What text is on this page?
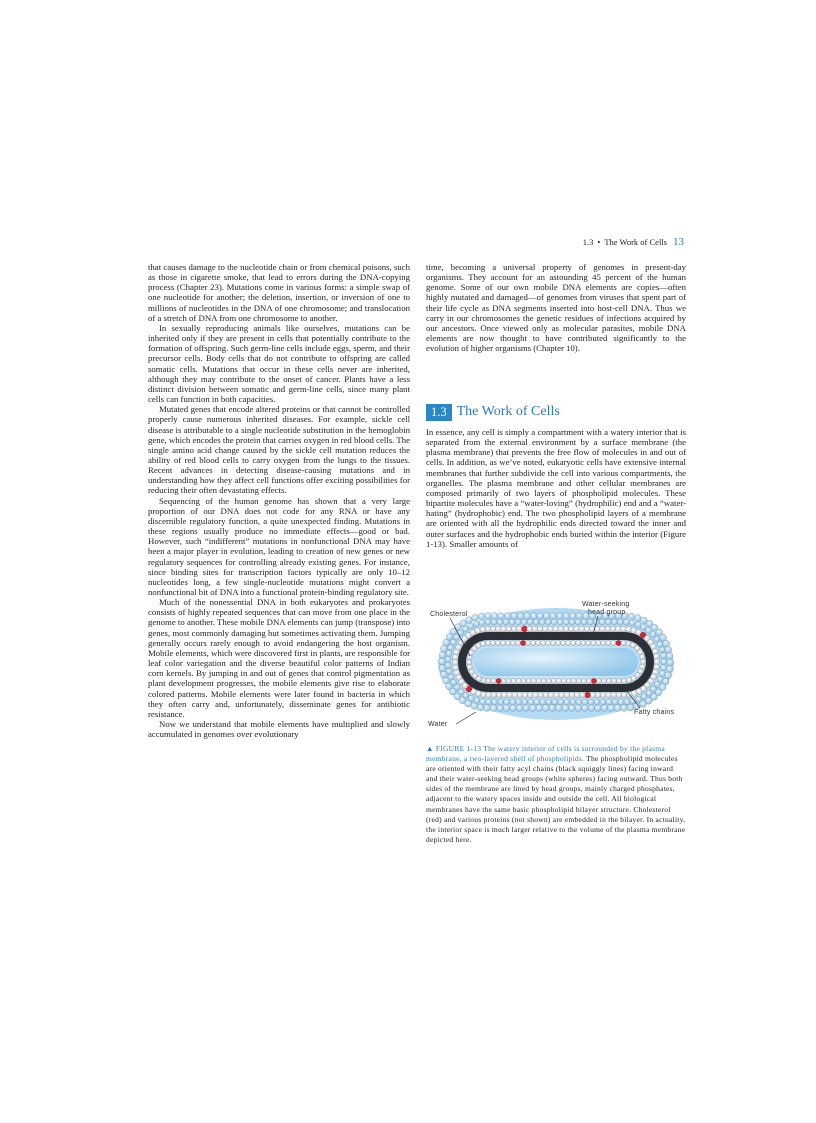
1.3 • The Work of Cells 13

that causes damage to the nucleotide chain or from chemical poisons, such as those in cigarette smoke, that lead to errors during the DNA-copying process (Chapter 23). Mutations come in various forms: a simple swap of one nucleotide for another; the deletion, insertion, or inversion of one to millions of nucleotides in the DNA of one chromosome; and translocation of a stretch of DNA from one chromosome to another.

In sexually reproducing animals like ourselves, mutations can be inherited only if they are present in cells that potentially contribute to the formation of offspring. Such germ-line cells include eggs, sperm, and their precursor cells. Body cells that do not contribute to offspring are called somatic cells. Mutations that occur in these cells never are inherited, although they may contribute to the onset of cancer. Plants have a less distinct division between somatic and germ-line cells, since many plant cells can function in both capacities.

Mutated genes that encode altered proteins or that cannot be controlled properly cause numerous inherited diseases. For example, sickle cell disease is attributable to a single nucleotide substitution in the hemoglobin gene, which encodes the protein that carries oxygen in red blood cells. The single amino acid change caused by the sickle cell mutation reduces the ability of red blood cells to carry oxygen from the lungs to the tissues. Recent advances in detecting disease-causing mutations and in understanding how they affect cell functions offer exciting possibilities for reducing their often devastating effects.

Sequencing of the human genome has shown that a very large proportion of our DNA does not code for any RNA or have any discernible regulatory function, a quite unexpected finding. Mutations in these regions usually produce no immediate effects—good or bad. However, such “indifferent” mutations in nonfunctional DNA may have been a major player in evolution, leading to creation of new genes or new regulatory sequences for controlling already existing genes. For instance, since binding sites for transcription factors typically are only 10–12 nucleotides long, a few single-nucleotide mutations might convert a nonfunctional bit of DNA into a functional protein-binding regulatory site.

Much of the nonessential DNA in both eukaryotes and prokaryotes consists of highly repeated sequences that can move from one place in the genome to another. These mobile DNA elements can jump (transpose) into genes, most commonly damaging but sometimes activating them. Jumping generally occurs rarely enough to avoid endangering the host organism. Mobile elements, which were discovered first in plants, are responsible for leaf color variegation and the diverse beautiful color patterns of Indian corn kernels. By jumping in and out of genes that control pigmentation as plant development progresses, the mobile elements give rise to elaborate colored patterns. Mobile elements were later found in bacteria in which they often carry and, unfortunately, disseminate genes for antibiotic resistance.

Now we understand that mobile elements have multiplied and slowly accumulated in genomes over evolutionary

time, becoming a universal property of genomes in present-day organisms. They account for an astounding 45 percent of the human genome. Some of our own mobile DNA elements are copies—often highly mutated and damaged—of genomes from viruses that spent part of their life cycle as DNA segments inserted into host-cell DNA. Thus we carry in our chromosomes the genetic residues of infections acquired by our ancestors. Once viewed only as molecular parasites, mobile DNA elements are now thought to have contributed significantly to the evolution of higher organisms (Chapter 10).

1.3 The Work of Cells

In essence, any cell is simply a compartment with a watery interior that is separated from the external environment by a surface membrane (the plasma membrane) that prevents the free flow of molecules in and out of cells. In addition, as we’ve noted, eukaryotic cells have extensive internal membranes that further subdivide the cell into various compartments, the organelles. The plasma membrane and other cellular membranes are composed primarily of two layers of phospholipid molecules. These bipartite molecules have a “water-loving” (hydrophilic) end and a “water-hating” (hydrophobic) end. The two phospholipid layers of a membrane are oriented with all the hydrophilic ends directed toward the inner and outer surfaces and the hydrophobic ends buried within the interior (Figure 1-13). Smaller amounts of

Cholesterol
Water-seeking
head group
Fatty chains
Water
▲ FIGURE 1-13 The watery interior of cells is surrounded by the plasma membrane, a two-layered shell of phospholipids. The phospholipid molecules are oriented with their fatty acyl chains (black squiggly lines) facing inward and their water-seeking head groups (white spheres) facing outward. Thus both sides of the membrane are lined by head groups, mainly charged phosphates, adjacent to the watery spaces inside and outside the cell. All biological membranes have the same basic phospholipid bilayer structure. Cholesterol (red) and various proteins (not shown) are embedded in the bilayer. In actuality, the interior space is much larger relative to the volume of the plasma membrane depicted here.
